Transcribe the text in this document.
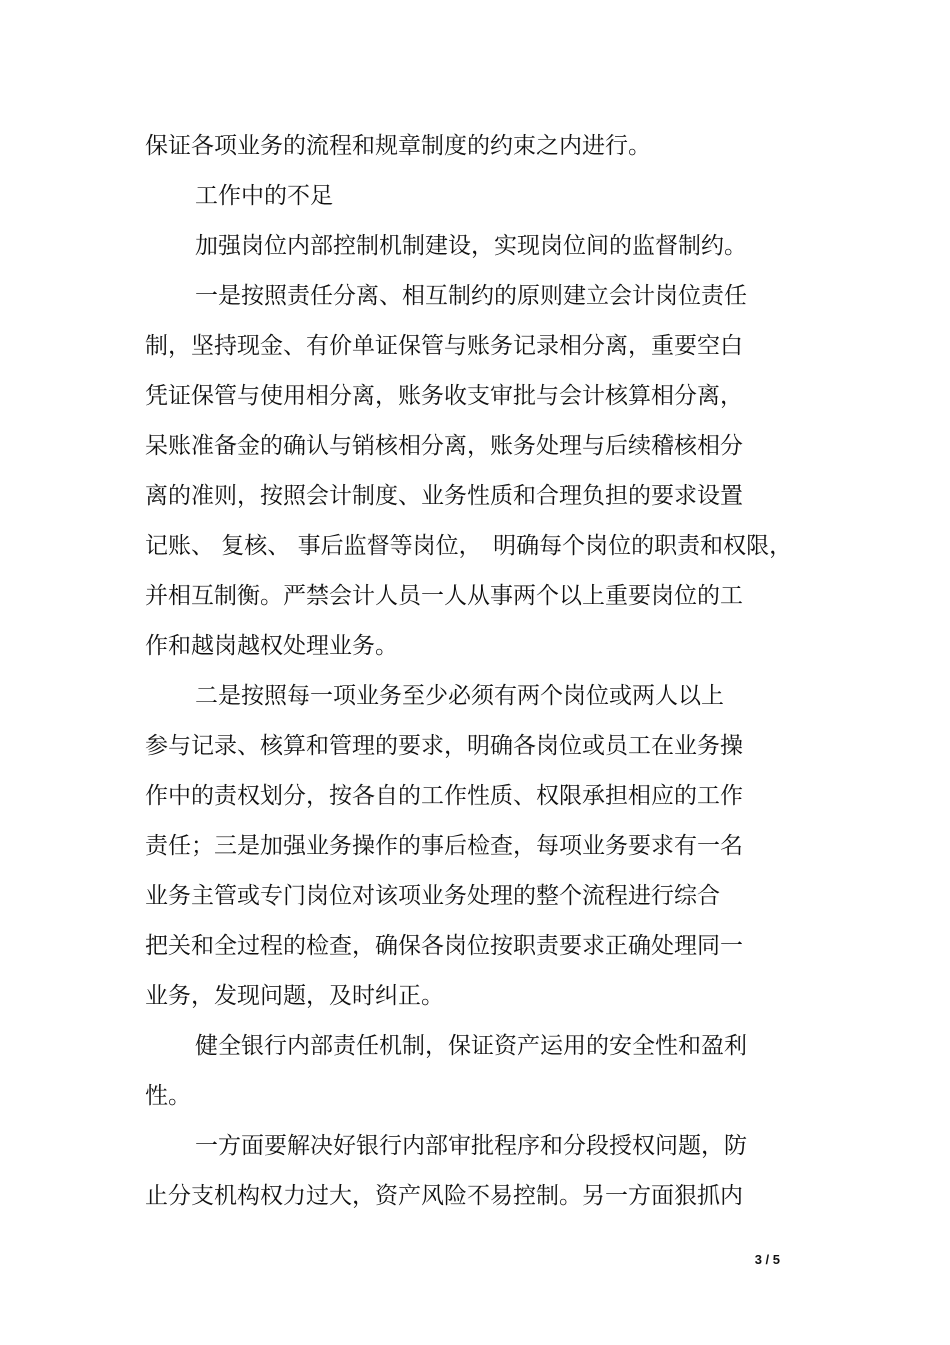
保证各项业务的流程和规章制度的约束之内进行。
工作中的不足
加强岗位内部控制机制建设，实现岗位间的监督制约。
一是按照责任分离、相互制约的原则建立会计岗位责任
制，坚持现金、有价单证保管与账务记录相分离，重要空白
凭证保管与使用相分离，账务收支审批与会计核算相分离，
呆账准备金的确认与销核相分离，账务处理与后续稽核相分
离的准则，按照会计制度、业务性质和合理负担的要求设置
记账、 复核、 事后监督等岗位，　明确每个岗位的职责和权限，
并相互制衡。严禁会计人员一人从事两个以上重要岗位的工
作和越岗越权处理业务。
二是按照每一项业务至少必须有两个岗位或两人以上
参与记录、核算和管理的要求，明确各岗位或员工在业务操
作中的责权划分，按各自的工作性质、权限承担相应的工作
责任；三是加强业务操作的事后检查，每项业务要求有一名
业务主管或专门岗位对该项业务处理的整个流程进行综合
把关和全过程的检查，确保各岗位按职责要求正确处理同一
业务，发现问题，及时纠正。
健全银行内部责任机制，保证资产运用的安全性和盈利
性。
一方面要解决好银行内部审批程序和分段授权问题，防
止分支机构权力过大，资产风险不易控制。另一方面狠抓内
3 / 5
